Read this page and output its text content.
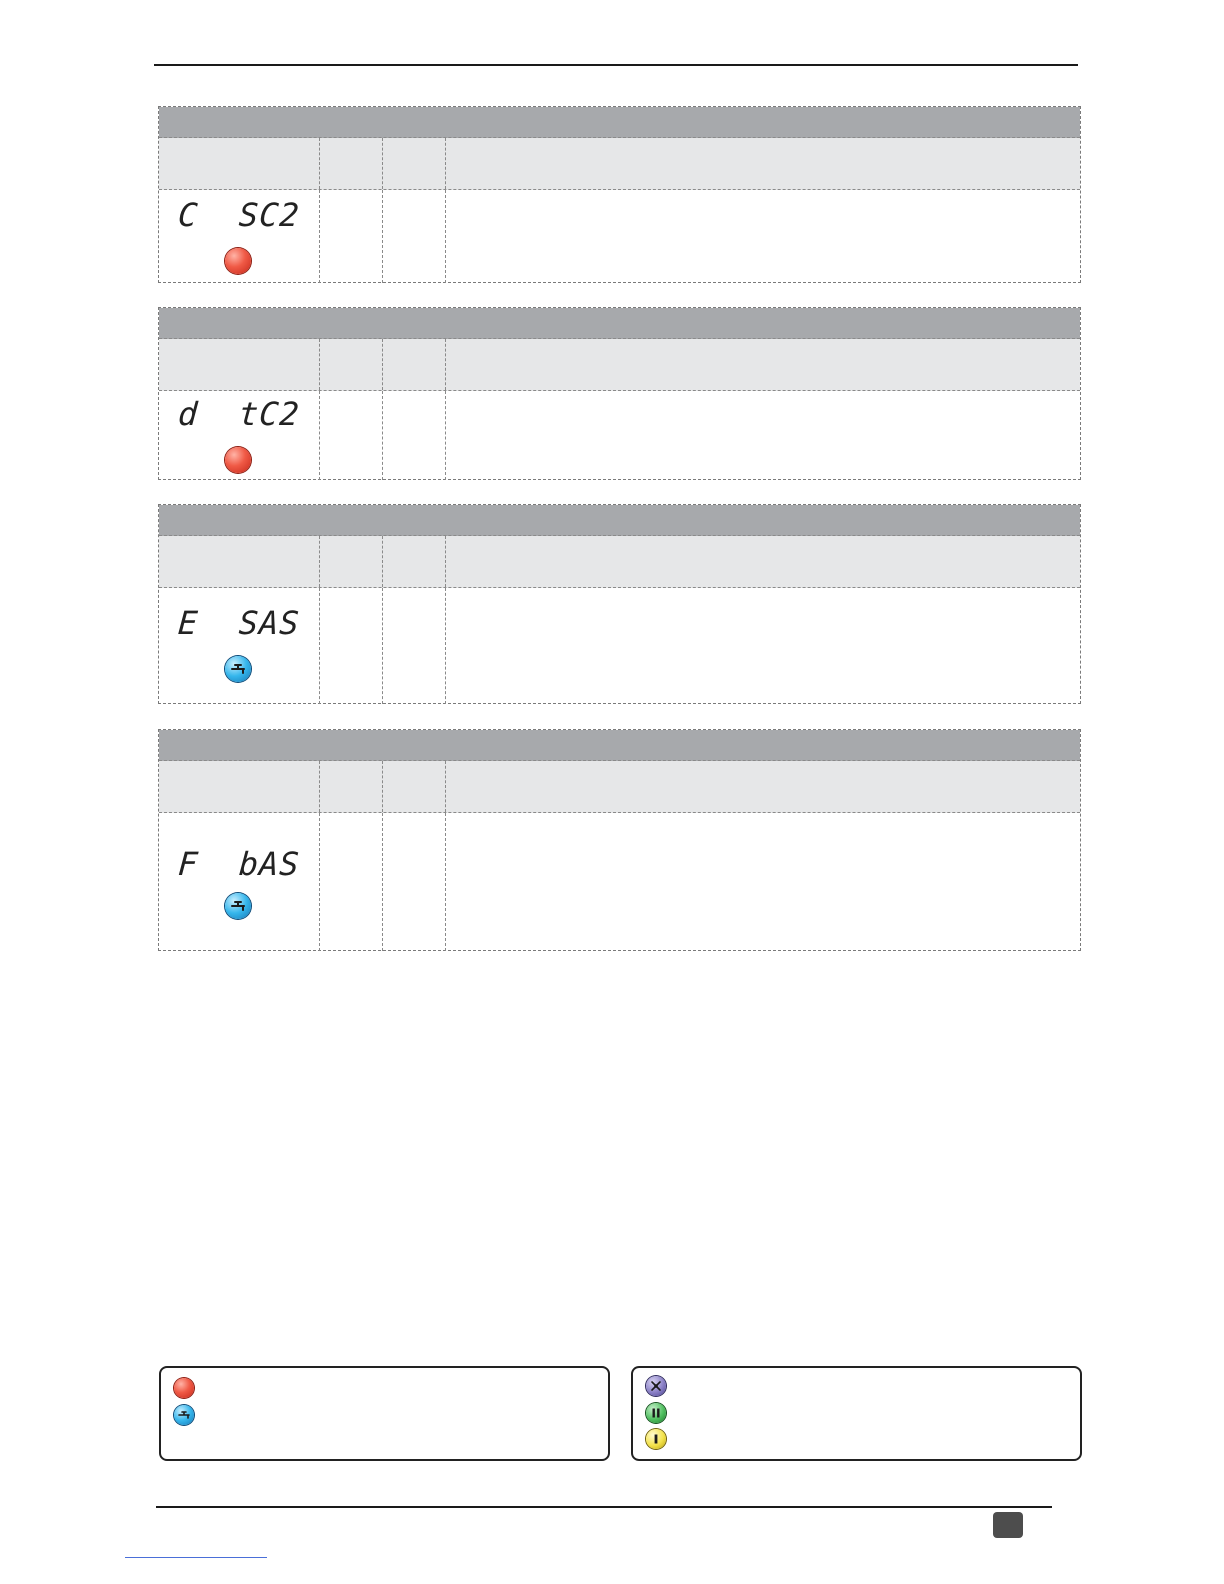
C  SC2
d  tC2
E  SAS
F  bAS
